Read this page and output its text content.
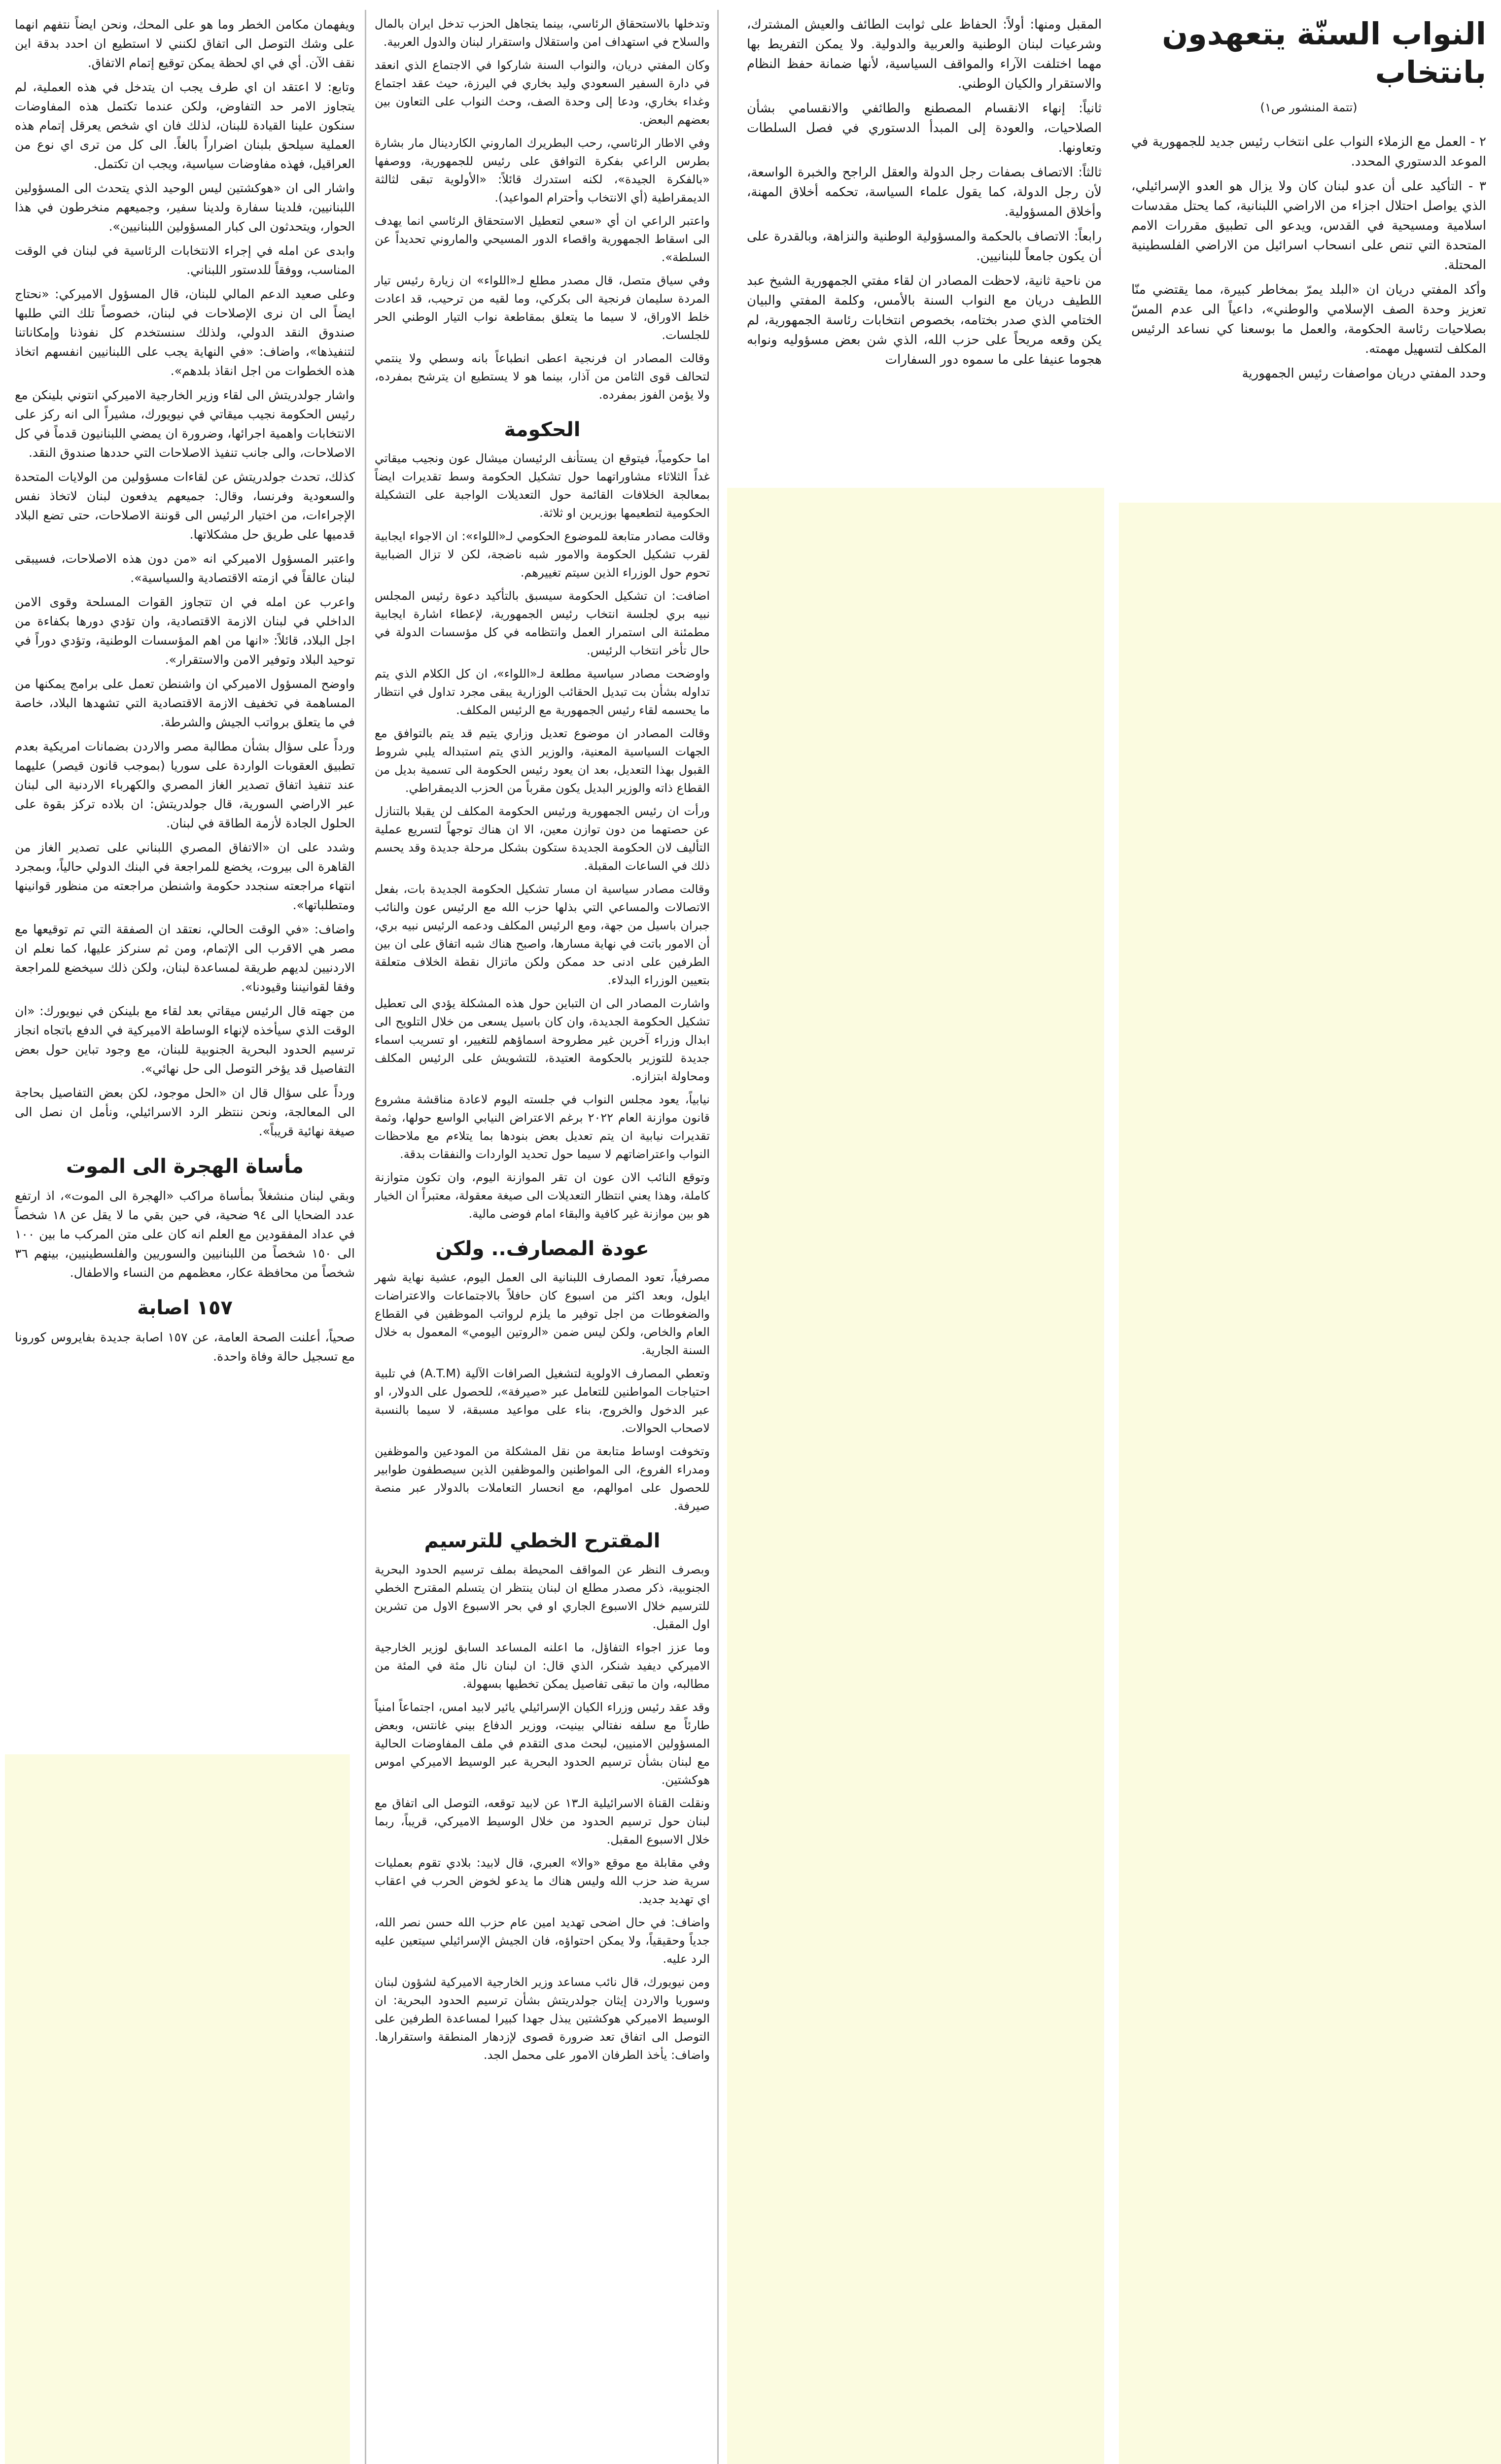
النواب السنّة يتعهدون بانتخاب
(تتمة المنشور ص١)

٢ - العمل مع الزملاء النواب على انتخاب رئيس جديد للجمهورية في الموعد الدستوري المحدد.

٣ - التأكيد على أن عدو لبنان كان ولا يزال هو العدو الإسرائيلي، الذي يواصل احتلال اجزاء من الاراضي اللبنانية، كما يحتل مقدسات اسلامية ومسيحية في القدس، ويدعو الى تطبيق مقررات الامم المتحدة التي تنص على انسحاب اسرائيل من الاراضي الفلسطينية المحتلة.

وأكد المفتي دريان ان «البلد يمرّ بمخاطر كبيرة، مما يقتضي منّا تعزيز وحدة الصف الإسلامي والوطني»، داعياً الى عدم المسّ بصلاحيات رئاسة الحكومة، والعمل ما بوسعنا كي نساعد الرئيس المكلف لتسهيل مهمته.

وحدد المفتي دريان مواصفات رئيس الجمهورية

المقبل ومنها: أولاً: الحفاظ على ثوابت الطائف والعيش المشترك، وشرعيات لبنان الوطنية والعربية والدولية. ولا يمكن التفريط بها مهما اختلفت الآراء والمواقف السياسية، لأنها ضمانة حفظ النظام والاستقرار والكيان الوطني.

ثانياً: إنهاء الانقسام المصطنع والطائفي والانقسامي بشأن الصلاحيات، والعودة إلى المبدأ الدستوري في فصل السلطات وتعاونها.

ثالثاً: الاتصاف بصفات رجل الدولة والعقل الراجح والخبرة الواسعة، لأن رجل الدولة، كما يقول علماء السياسة، تحكمه أخلاق المهنة، وأخلاق المسؤولية.

رابعاً: الاتصاف بالحكمة والمسؤولية الوطنية والنزاهة، وبالقدرة على أن يكون جامعاً للبنانيين.

من ناحية ثانية، لاحظت المصادر ان لقاء مفتي الجمهورية الشيخ عبد اللطيف دريان مع النواب السنة بالأمس، وكلمة المفتي والبيان الختامي الذي صدر بختامه، بخصوص انتخابات رئاسة الجمهورية، لم يكن وقعه مريحاً على حزب الله، الذي شن بعض مسؤوليه ونوابه هجوما عنيفا على ما سموه دور السفارات

وتدخلها بالاستحقاق الرئاسي، بينما يتجاهل الحزب تدخل ايران بالمال والسلاح في استهداف امن واستقلال واستقرار لبنان والدول العربية.

وكان المفتي دريان، والنواب السنة شاركوا في الاجتماع الذي انعقد في دارة السفير السعودي وليد بخاري في اليرزة، حيث عقد اجتماع وغداء بخاري، ودعا إلى وحدة الصف، وحث النواب على التعاون بين بعضهم البعض.

وفي الاطار الرئاسي، رحب البطريرك الماروني الكاردينال مار بشارة بطرس الراعي بفكرة التوافق على رئيس للجمهورية، ووصفها «بالفكرة الجيدة»، لكنه استدرك قائلاً: «الأولوية تبقى لثالثة الديمقراطية (أي الانتخاب وأحترام المواعيد).

واعتبر الراعي ان أي «سعي لتعطيل الاستحقاق الرئاسي انما يهدف الى اسقاط الجمهورية واقصاء الدور المسيحي والماروني تحديداً عن السلطة».

وفي سياق متصل، قال مصدر مطلع لـ«اللواء» ان زيارة رئيس تيار المردة سليمان فرنجية الى بكركي، وما لقيه من ترحيب، قد اعادت خلط الاوراق، لا سيما ما يتعلق بمقاطعة نواب التيار الوطني الحر للجلسات.

وقالت المصادر ان فرنجية اعطى انطباعاً بانه وسطي ولا ينتمي لتحالف قوى الثامن من آذار، بينما هو لا يستطيع ان يترشح بمفرده، ولا يؤمن الفوز بمفرده.

الحكومة

اما حكومياً، فيتوقع ان يستأنف الرئيسان ميشال عون ونجيب ميقاتي غداً الثلاثاء مشاوراتهما حول تشكيل الحكومة وسط تقديرات ايضاً بمعالجة الخلافات القائمة حول التعديلات الواجبة على التشكيلة الحكومية لتطعيمها بوزيرين او ثلاثة.

وقالت مصادر متابعة للموضوع الحكومي لـ«اللواء»: ان الاجواء ايجابية لقرب تشكيل الحكومة والامور شبه ناضجة، لكن لا تزال الضبابية تحوم حول الوزراء الذين سيتم تغييرهم.

اضافت: ان تشكيل الحكومة سيسبق بالتأكيد دعوة رئيس المجلس نبيه بري لجلسة انتخاب رئيس الجمهورية، لإعطاء اشارة ايجابية مطمئنة الى استمرار العمل وانتظامه في كل مؤسسات الدولة في حال تأخر انتخاب الرئيس.

واوضحت مصادر سياسية مطلعة لـ«اللواء»، ان كل الكلام الذي يتم تداوله بشأن بت تبديل الحقائب الوزارية يبقى مجرد تداول في انتظار ما يحسمه لقاء رئيس الجمهورية مع الرئيس المكلف.

وقالت المصادر ان موضوع تعديل وزاري يتيم قد يتم بالتوافق مع الجهات السياسية المعنية، والوزير الذي يتم استبداله يلبي شروط القبول بهذا التعديل، بعد ان يعود رئيس الحكومة الى تسمية بديل من القطاع ذاته والوزير البديل يكون مقرباً من الحزب الديمقراطي.

ورأت ان رئيس الجمهورية ورئيس الحكومة المكلف لن يقبلا بالتنازل عن حصتهما من دون توازن معين، الا ان هناك توجهاً لتسريع عملية التأليف لان الحكومة الجديدة ستكون بشكل مرحلة جديدة وقد يحسم ذلك في الساعات المقبلة.

وقالت مصادر سياسية ان مسار تشكيل الحكومة الجديدة بات، بفعل الاتصالات والمساعي التي بذلها حزب الله مع الرئيس عون والنائب جبران باسيل من جهة، ومع الرئيس المكلف ودعمه الرئيس نبيه بري، أن الامور باتت في نهاية مسارها، واصبح هناك شبه اتفاق على ان بين الطرفين على ادنى حد ممكن ولكن ماتزال نقطة الخلاف متعلقة بتعيين الوزراء البدلاء.

واشارت المصادر الى ان التباين حول هذه المشكلة يؤدي الى تعطيل تشكيل الحكومة الجديدة، وان كان باسيل يسعى من خلال التلويح الى ابدال وزراء آخرين غير مطروحة اسماؤهم للتغيير، او تسريب اسماء جديدة للتوزير بالحكومة العتيدة، للتشويش على الرئيس المكلف ومحاولة ابتزازه.

نيابياً، يعود مجلس النواب في جلسته اليوم لاعادة مناقشة مشروع قانون موازنة العام ٢٠٢٢ برغم الاعتراض النيابي الواسع حولها، وثمة تقديرات نيابية ان يتم تعديل بعض بنودها بما يتلاءم مع ملاحظات النواب واعتراضاتهم لا سيما حول تحديد الواردات والنفقات بدقة.

وتوقع النائب الان عون ان تقر الموازنة اليوم، وان تكون متوازنة كاملة، وهذا يعني انتظار التعديلات الى صيغة معقولة، معتبراً ان الخيار هو بين موازنة غير كافية والبقاء امام فوضى مالية.

عودة المصارف.. ولكن

مصرفياً، تعود المصارف اللبنانية الى العمل اليوم، عشية نهاية شهر ايلول، وبعد اكثر من اسبوع كان حافلاً بالاجتماعات والاعتراضات والضغوطات من اجل توفير ما يلزم لرواتب الموظفين في القطاع العام والخاص، ولكن ليس ضمن «الروتين اليومي» المعمول به خلال السنة الجارية.

وتعطي المصارف الاولوية لتشغيل الصرافات الآلية (A.T.M) في تلبية احتياجات المواطنين للتعامل عبر «صيرفة»، للحصول على الدولار، او عبر الدخول والخروج، بناء على مواعيد مسبقة، لا سيما بالنسبة لاصحاب الحوالات.

وتخوفت اوساط متابعة من نقل المشكلة من المودعين والموظفين ومدراء الفروع، الى المواطنين والموظفين الذين سيصطفون طوابير للحصول على اموالهم، مع انحسار التعاملات بالدولار عبر منصة صيرفة.

المقترح الخطي للترسيم

وبصرف النظر عن المواقف المحيطة بملف ترسيم الحدود البحرية الجنوبية، ذكر مصدر مطلع ان لبنان ينتظر ان يتسلم المقترح الخطي للترسيم خلال الاسبوع الجاري او في بحر الاسبوع الاول من تشرين اول المقبل.

وما عزز اجواء التفاؤل، ما اعلنه المساعد السابق لوزير الخارجية الاميركي ديفيد شنكر، الذي قال: ان لبنان نال مئة في المئة من مطالبه، وان ما تبقى تفاصيل يمكن تخطيها بسهولة.

وقد عقد رئيس وزراء الكيان الإسرائيلي يائير لابيد امس، اجتماعاً امنياً طارئاً مع سلفه نفتالي بينيت، ووزير الدفاع بيني غانتس، وبعض المسؤولين الامنيين، لبحث مدى التقدم في ملف المفاوضات الحالية مع لبنان بشأن ترسيم الحدود البحرية عبر الوسيط الاميركي اموس هوكشتين.

ونقلت القناة الاسرائيلية الـ١٣ عن لابيد توقعه، التوصل الى اتفاق مع لبنان حول ترسيم الحدود من خلال الوسيط الاميركي، قريباً، ربما خلال الاسبوع المقبل.

وفي مقابلة مع موقع «والا» العبري، قال لابيد: بلادي تقوم بعمليات سرية ضد حزب الله وليس هناك ما يدعو لخوض الحرب في اعقاب اي تهديد جديد.

واضاف: في حال اضحى تهديد امين عام حزب الله حسن نصر الله، جدياً وحقيقياً، ولا يمكن احتواؤه، فان الجيش الإسرائيلي سيتعين عليه الرد عليه.

ومن نيويورك، قال نائب مساعد وزير الخارجية الاميركية لشؤون لبنان وسوريا والاردن إيثان جولدريتش بشأن ترسيم الحدود البحرية: ان الوسيط الاميركي هوكشتين يبذل جهدا كبيرا لمساعدة الطرفين على التوصل الى اتفاق تعد ضرورة قصوى لإزدهار المنطقة واستقرارها. واضاف: يأخذ الطرفان الامور على محمل الجد.

ويفهمان مكامن الخطر وما هو على المحك، ونحن ايضاً نتفهم انهما على وشك التوصل الى اتفاق لكنني لا استطيع ان احدد بدقة اين نقف الآن. أي في اي لحظة يمكن توقيع إتمام الاتفاق.

وتابع: لا اعتقد ان اي طرف يجب ان يتدخل في هذه العملية، لم يتجاوز الامر حد التفاوض، ولكن عندما تكتمل هذه المفاوضات سنكون علينا القيادة للبنان، لذلك فان اي شخص يعرقل إتمام هذه العملية سيلحق بلبنان اضراراً بالغاً. الى كل من ترى اي نوع من العراقيل، فهذه مفاوضات سياسية، ويجب ان تكتمل.

واشار الى ان «هوكشتين ليس الوحيد الذي يتحدث الى المسؤولين اللبنانيين، فلدينا سفارة ولدينا سفير، وجميعهم منخرطون في هذا الحوار، ويتحدثون الى كبار المسؤولين اللبنانيين».

وابدى عن امله في إجراء الانتخابات الرئاسية في لبنان في الوقت المناسب، ووفقاً للدستور اللبناني.

وعلى صعيد الدعم المالي للبنان، قال المسؤول الاميركي: «نحتاج ايضاً الى ان نرى الإصلاحات في لبنان، خصوصاً تلك التي طلبها صندوق النقد الدولي، ولذلك سنستخدم كل نفوذنا وإمكاناتنا لتنفيذها»، واضاف: «في النهاية يجب على اللبنانيين انفسهم اتخاذ هذه الخطوات من اجل انقاذ بلدهم».

واشار جولدريتش الى لقاء وزير الخارجية الاميركي انتوني بلينكن مع رئيس الحكومة نجيب ميقاتي في نيويورك، مشيراً الى انه ركز على الانتخابات واهمية اجرائها، وضرورة ان يمضي اللبنانيون قدماً في كل الاصلاحات، والى جانب تنفيذ الاصلاحات التي حددها صندوق النقد.

كذلك، تحدث جولدريتش عن لقاءات مسؤولين من الولايات المتحدة والسعودية وفرنسا، وقال: جميعهم يدفعون لبنان لاتخاذ نفس الإجراءات، من اختيار الرئيس الى قوننة الاصلاحات، حتى تضع البلاد قدميها على طريق حل مشكلاتها.

واعتبر المسؤول الاميركي انه «من دون هذه الاصلاحات، فسيبقى لبنان عالقاً في ازمته الاقتصادية والسياسية».

واعرب عن امله في ان تتجاوز القوات المسلحة وقوى الامن الداخلي في لبنان الازمة الاقتصادية، وان تؤدي دورها بكفاءة من اجل البلاد، قائلاً: «انها من اهم المؤسسات الوطنية، وتؤدي دوراً في توحيد البلاد وتوفير الامن والاستقرار».

واوضح المسؤول الاميركي ان واشنطن تعمل على برامج يمكنها من المساهمة في تخفيف الازمة الاقتصادية التي تشهدها البلاد، خاصة في ما يتعلق برواتب الجيش والشرطة.

ورداً على سؤال بشأن مطالبة مصر والاردن بضمانات امريكية بعدم تطبيق العقوبات الواردة على سوريا (بموجب قانون قيصر) عليهما عند تنفيذ اتفاق تصدير الغاز المصري والكهرباء الاردنية الى لبنان عبر الاراضي السورية، قال جولدريتش: ان بلاده تركز بقوة على الحلول الجادة لأزمة الطاقة في لبنان.

وشدد على ان «الاتفاق المصري اللبناني على تصدير الغاز من القاهرة الى بيروت، يخضع للمراجعة في البنك الدولي حالياً، وبمجرد انتهاء مراجعته سنجدد حكومة واشنطن مراجعته من منظور قوانينها ومتطلباتها».

واضاف: «في الوقت الحالي، نعتقد ان الصفقة التي تم توقيعها مع مصر هي الاقرب الى الإتمام، ومن ثم سنركز عليها، كما نعلم ان الاردنيين لديهم طريقة لمساعدة لبنان، ولكن ذلك سيخضع للمراجعة وفقا لقوانيننا وقيودنا».

من جهته قال الرئيس ميقاتي بعد لقاء مع بلينكن في نيويورك: «ان الوقت الذي سيأخذه لإنهاء الوساطة الاميركية في الدفع باتجاه انجاز ترسيم الحدود البحرية الجنوبية للبنان، مع وجود تباين حول بعض التفاصيل قد يؤخر التوصل الى حل نهائي».

ورداً على سؤال قال ان «الحل موجود، لكن بعض التفاصيل بحاجة الى المعالجة، ونحن ننتظر الرد الاسرائيلي، ونأمل ان نصل الى صيغة نهائية قريباً».

مأساة الهجرة الى الموت

وبقي لبنان منشغلاً بمأساة مراكب «الهجرة الى الموت»، اذ ارتفع عدد الضحايا الى ٩٤ ضحية، في حين بقي ما لا يقل عن ١٨ شخصاً في عداد المفقودين مع العلم انه كان على متن المركب ما بين ١٠٠ الى ١٥٠ شخصاً من اللبنانيين والسوريين والفلسطينيين، بينهم ٣٦ شخصاً من محافظة عكار، معظمهم من النساء والاطفال.

١٥٧ اصابة

صحياً، أعلنت الصحة العامة، عن ١٥٧ اصابة جديدة بفايروس كورونا مع تسجيل حالة وفاة واحدة.
